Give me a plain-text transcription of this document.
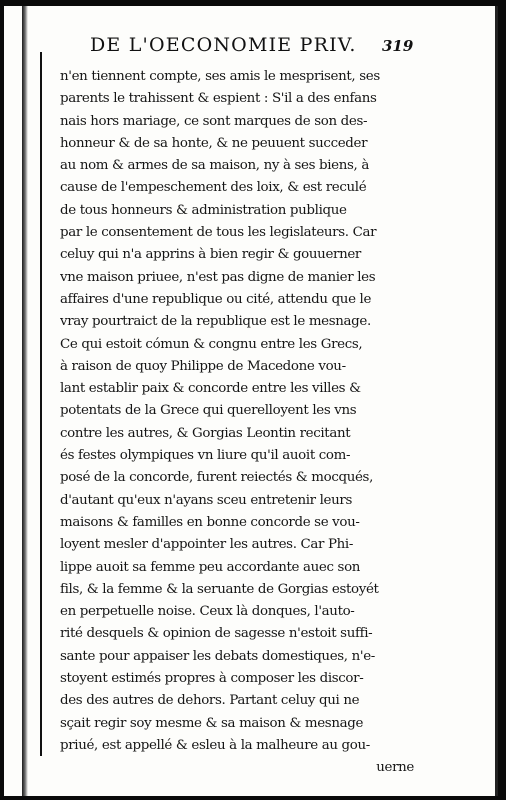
DE L'OECONOMIE PRIV.	319
n'en tiennent compte, ses amis le mesprisent, ses
parents le trahissent & espient : S'il a des enfans
nais hors mariage, ce sont marques de son des-
honneur & de sa honte, & ne peuuent succeder
au nom & armes de sa maison, ny à ses biens, à
cause de l'empeschement des loix, & est reculé
de tous honneurs & administration publique
par le consentement de tous les legislateurs. Car
celuy qui n'a apprins à bien regir & gouuerner
vne maison priuee, n'est pas digne de manier les
affaires d'une republique ou cité, attendu que le
vray pourtraict de la republique est le mesnage.
Ce qui estoit cómun & congnu entre les Grecs,
à raison de quoy Philippe de Macedone vou-
lant establir paix & concorde entre les villes &
potentats de la Grece qui querelloyent les vns
contre les autres, & Gorgias Leontin recitant
és festes olympiques vn liure qu'il auoit com-
posé de la concorde, furent reiectés & mocqués,
d'autant qu'eux n'ayans sceu entretenir leurs
maisons & familles en bonne concorde se vou-
loyent mesler d'appointer les autres. Car Phi-
lippe auoit sa femme peu accordante auec son
fils, & la femme & la seruante de Gorgias estoyét
en perpetuelle noise. Ceux là donques, l'auto-
rité desquels & opinion de sagesse n'estoit suffi-
sante pour appaiser les debats domestiques, n'e-
stoyent estimés propres à composer les discor-
des des autres de dehors. Partant celuy qui ne
sçait regir soy mesme & sa maison & mesnage
priué, est appellé & esleu à la malheure au gou-
uerne
